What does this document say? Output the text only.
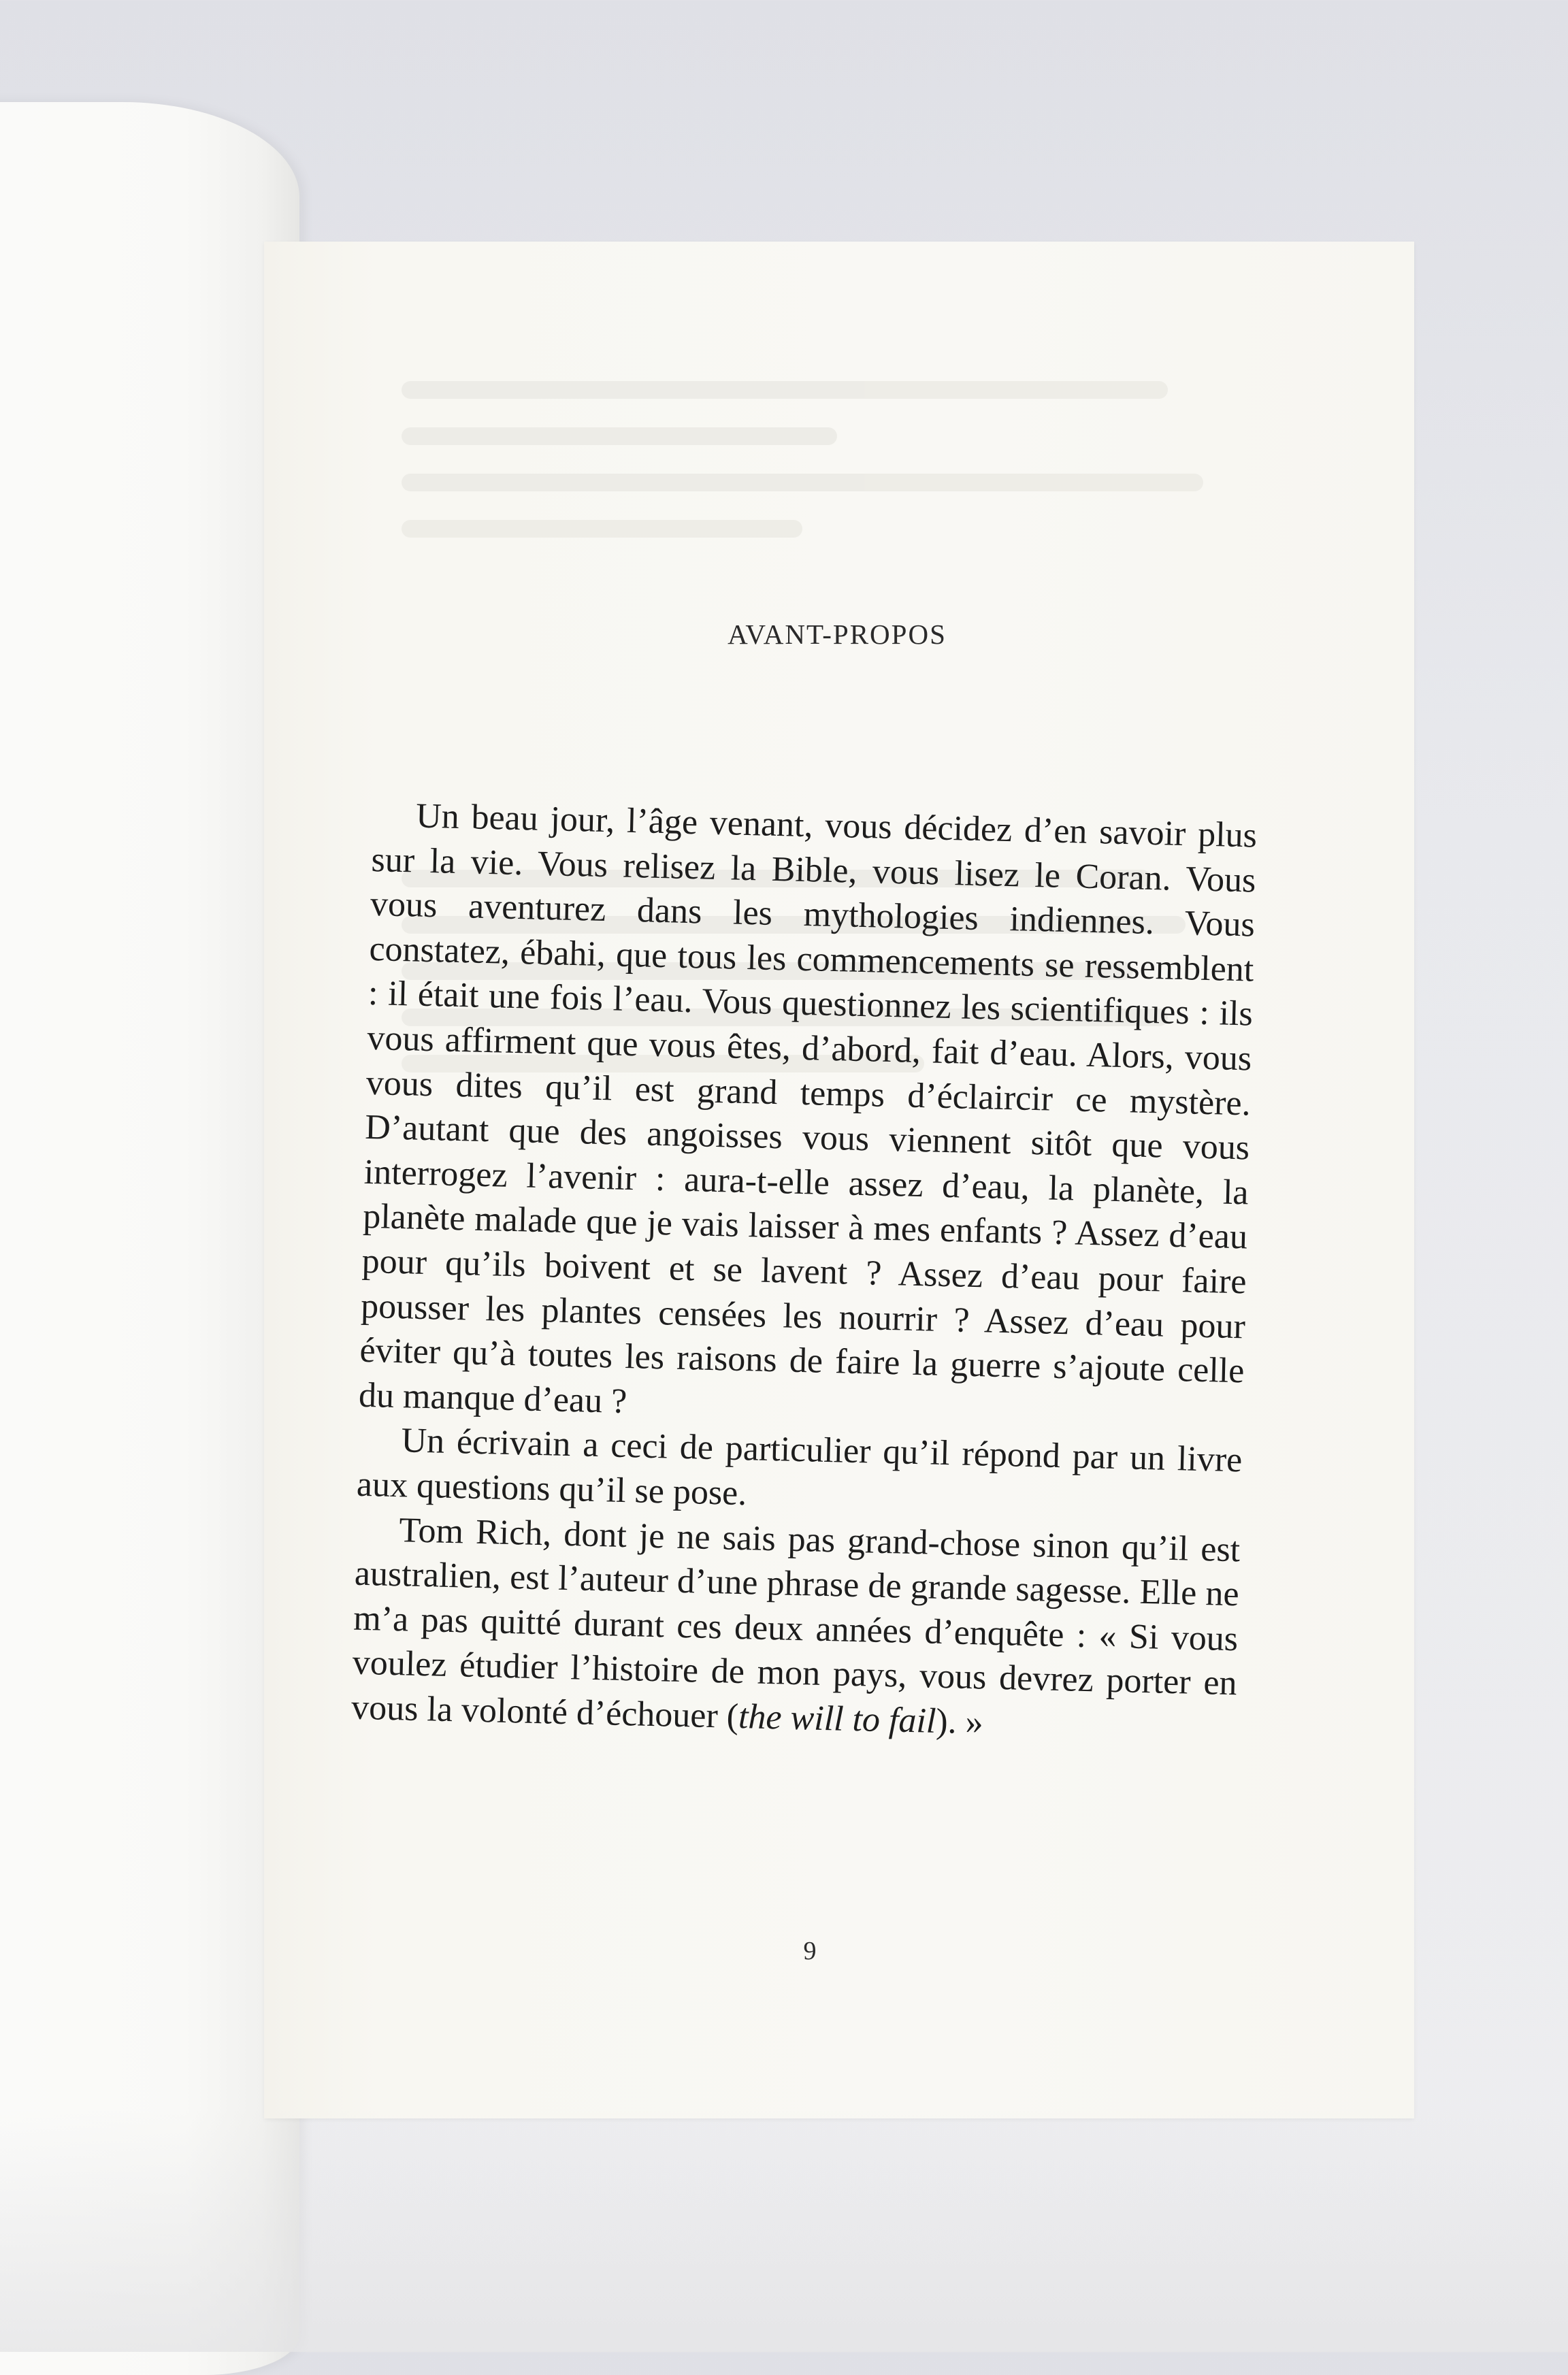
AVANT-PROPOS

Un beau jour, l’âge venant, vous décidez d’en savoir plus sur la vie. Vous relisez la Bible, vous lisez le Coran. Vous vous aventurez dans les mythologies indiennes. Vous constatez, ébahi, que tous les commencements se ressemblent : il était une fois l’eau. Vous questionnez les scientifiques : ils vous affirment que vous êtes, d’abord, fait d’eau. Alors, vous vous dites qu’il est grand temps d’éclaircir ce mystère. D’autant que des angoisses vous viennent sitôt que vous interrogez l’avenir : aura-t-elle assez d’eau, la planète, la planète malade que je vais laisser à mes enfants ? Assez d’eau pour qu’ils boivent et se lavent ? Assez d’eau pour faire pousser les plantes censées les nourrir ? Assez d’eau pour éviter qu’à toutes les raisons de faire la guerre s’ajoute celle du manque d’eau ?

Un écrivain a ceci de particulier qu’il répond par un livre aux questions qu’il se pose.

Tom Rich, dont je ne sais pas grand-chose sinon qu’il est australien, est l’auteur d’une phrase de grande sagesse. Elle ne m’a pas quitté durant ces deux années d’enquête : « Si vous voulez étudier l’histoire de mon pays, vous devrez porter en vous la volonté d’échouer (the will to fail). »

9
